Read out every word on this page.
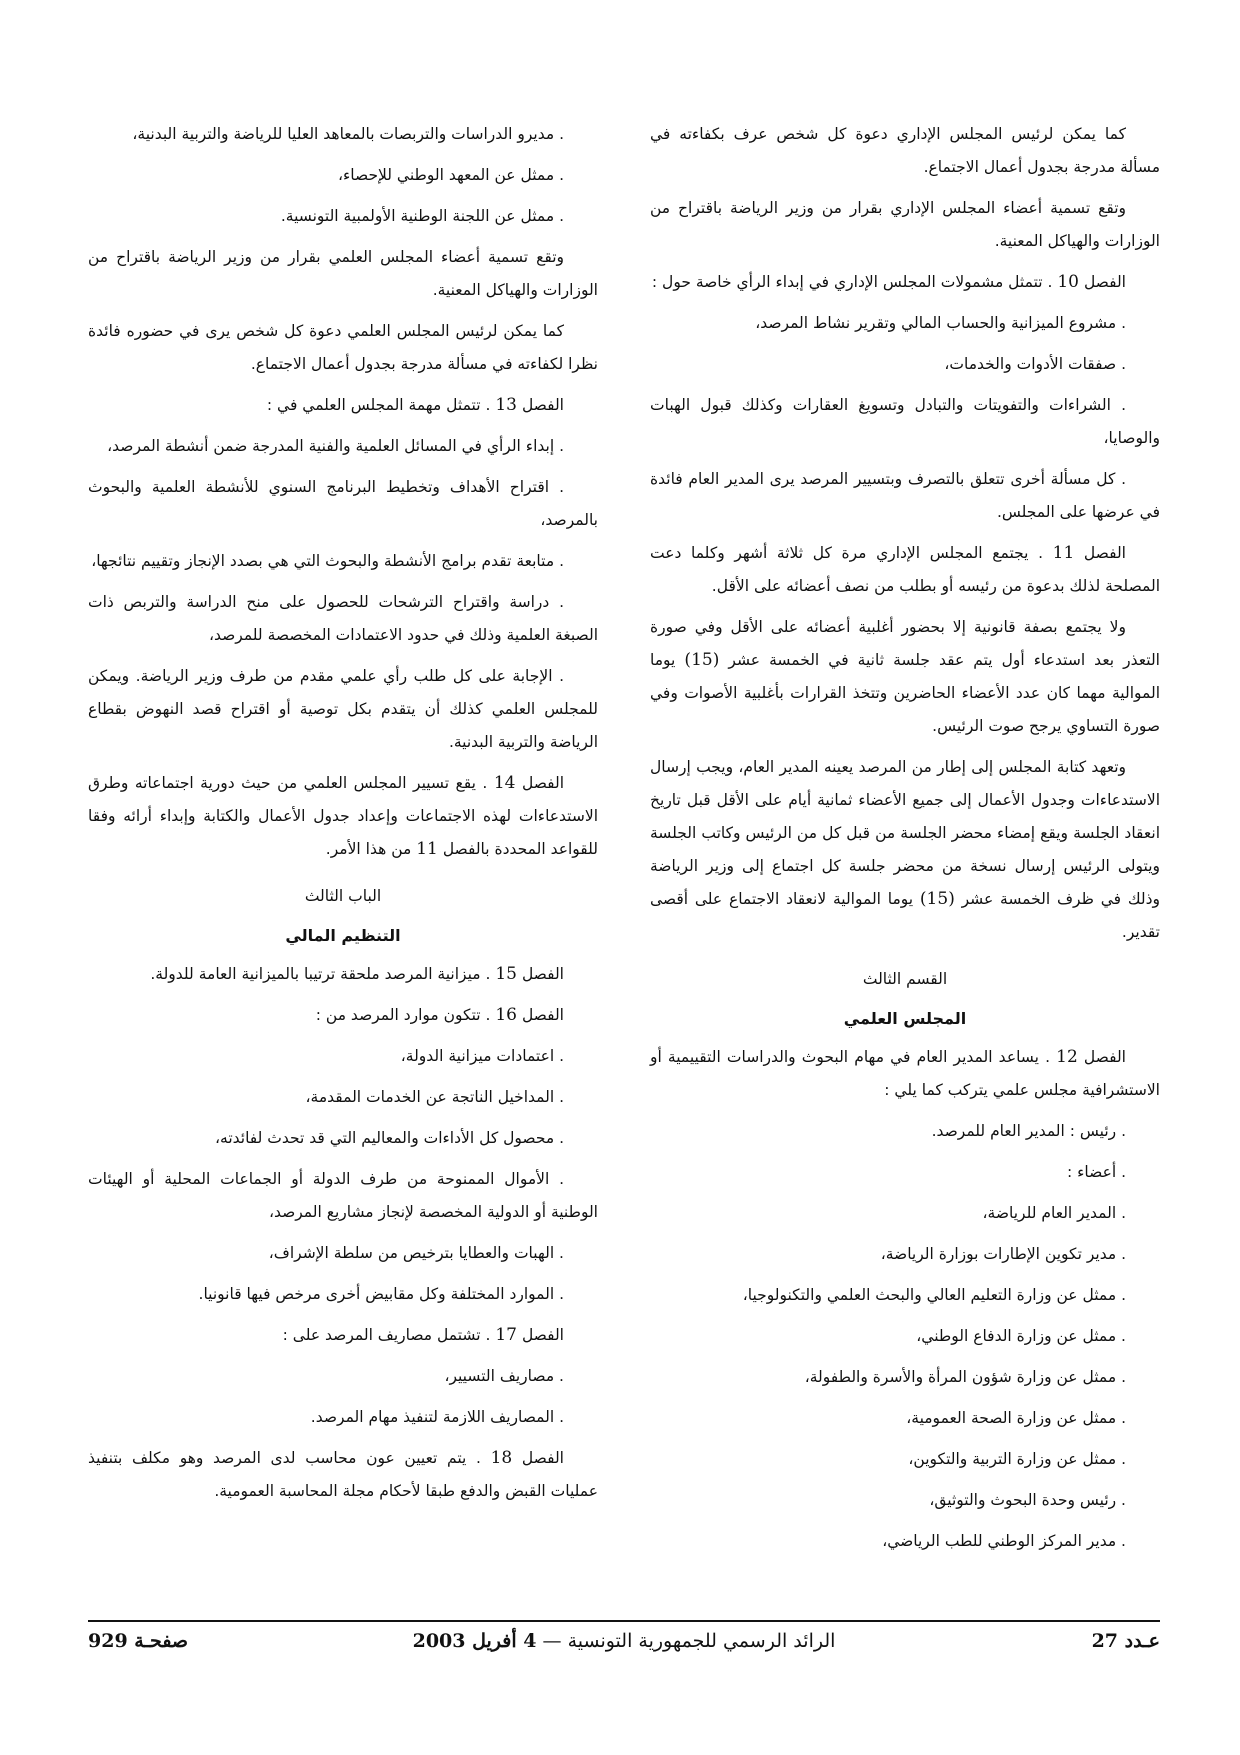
كما يمكن لرئيس المجلس الإداري دعوة كل شخص عرف بكفاءته في مسألة مدرجة بجدول أعمال الاجتماع.

وتقع تسمية أعضاء المجلس الإداري بقرار من وزير الرياضة باقتراح من الوزارات والهياكل المعنية.

الفصل 10 . تتمثل مشمولات المجلس الإداري في إبداء الرأي خاصة حول :

. مشروع الميزانية والحساب المالي وتقرير نشاط المرصد،

. صفقات الأدوات والخدمات،

. الشراءات والتفويتات والتبادل وتسويغ العقارات وكذلك قبول الهبات والوصايا،

. كل مسألة أخرى تتعلق بالتصرف وبتسيير المرصد يرى المدير العام فائدة في عرضها على المجلس.

الفصل 11 . يجتمع المجلس الإداري مرة كل ثلاثة أشهر وكلما دعت المصلحة لذلك بدعوة من رئيسه أو بطلب من نصف أعضائه على الأقل.

ولا يجتمع بصفة قانونية إلا بحضور أغلبية أعضائه على الأقل وفي صورة التعذر بعد استدعاء أول يتم عقد جلسة ثانية في الخمسة عشر (15) يوما الموالية مهما كان عدد الأعضاء الحاضرين وتتخذ القرارات بأغلبية الأصوات وفي صورة التساوي يرجح صوت الرئيس.

وتعهد كتابة المجلس إلى إطار من المرصد يعينه المدير العام، ويجب إرسال الاستدعاءات وجدول الأعمال إلى جميع الأعضاء ثمانية أيام على الأقل قبل تاريخ انعقاد الجلسة ويقع إمضاء محضر الجلسة من قبل كل من الرئيس وكاتب الجلسة ويتولى الرئيس إرسال نسخة من محضر جلسة كل اجتماع إلى وزير الرياضة وذلك في ظرف الخمسة عشر (15) يوما الموالية لانعقاد الاجتماع على أقصى تقدير.

القسم الثالث
المجلس العلمي

الفصل 12 . يساعد المدير العام في مهام البحوث والدراسات التقييمية أو الاستشرافية مجلس علمي يتركب كما يلي :

. رئيس : المدير العام للمرصد.

. أعضاء :

. المدير العام للرياضة،

. مدير تكوين الإطارات بوزارة الرياضة،

. ممثل عن وزارة التعليم العالي والبحث العلمي والتكنولوجيا،

. ممثل عن وزارة الدفاع الوطني،

. ممثل عن وزارة شؤون المرأة والأسرة والطفولة،

. ممثل عن وزارة الصحة العمومية،

. ممثل عن وزارة التربية والتكوين،

. رئيس وحدة البحوث والتوثيق،

. مدير المركز الوطني للطب الرياضي،

. مديرو الدراسات والتربصات بالمعاهد العليا للرياضة والتربية البدنية،

. ممثل عن المعهد الوطني للإحصاء،

. ممثل عن اللجنة الوطنية الأولمبية التونسية.

وتقع تسمية أعضاء المجلس العلمي بقرار من وزير الرياضة باقتراح من الوزارات والهياكل المعنية.

كما يمكن لرئيس المجلس العلمي دعوة كل شخص يرى في حضوره فائدة نظرا لكفاءته في مسألة مدرجة بجدول أعمال الاجتماع.

الفصل 13 . تتمثل مهمة المجلس العلمي في :

. إبداء الرأي في المسائل العلمية والفنية المدرجة ضمن أنشطة المرصد،

. اقتراح الأهداف وتخطيط البرنامج السنوي للأنشطة العلمية والبحوث بالمرصد،

. متابعة تقدم برامج الأنشطة والبحوث التي هي بصدد الإنجاز وتقييم نتائجها،

. دراسة واقتراح الترشحات للحصول على منح الدراسة والتربص ذات الصبغة العلمية وذلك في حدود الاعتمادات المخصصة للمرصد،

. الإجابة على كل طلب رأي علمي مقدم من طرف وزير الرياضة. ويمكن للمجلس العلمي كذلك أن يتقدم بكل توصية أو اقتراح قصد النهوض بقطاع الرياضة والتربية البدنية.

الفصل 14 . يقع تسيير المجلس العلمي من حيث دورية اجتماعاته وطرق الاستدعاءات لهذه الاجتماعات وإعداد جدول الأعمال والكتابة وإبداء أرائه وفقا للقواعد المحددة بالفصل 11 من هذا الأمر.

الباب الثالث
التنظيم المالي

الفصل 15 . ميزانية المرصد ملحقة ترتيبا بالميزانية العامة للدولة.

الفصل 16 . تتكون موارد المرصد من :

. اعتمادات ميزانية الدولة،

. المداخيل الناتجة عن الخدمات المقدمة،

. محصول كل الأداءات والمعاليم التي قد تحدث لفائدته،

. الأموال الممنوحة من طرف الدولة أو الجماعات المحلية أو الهيئات الوطنية أو الدولية المخصصة لإنجاز مشاريع المرصد،

. الهبات والعطايا بترخيص من سلطة الإشراف،

. الموارد المختلفة وكل مقابيض أخرى مرخص فيها قانونيا.

الفصل 17 . تشتمل مصاريف المرصد على :

. مصاريف التسيير،

. المصاريف اللازمة لتنفيذ مهام المرصد.

الفصل 18 . يتم تعيين عون محاسب لدى المرصد وهو مكلف بتنفيذ عمليات القبض والدفع طبقا لأحكام مجلة المحاسبة العمومية.

عـدد 27
الرائد الرسمي للجمهورية التونسية — 4 أفريل 2003
صفحـة 929
